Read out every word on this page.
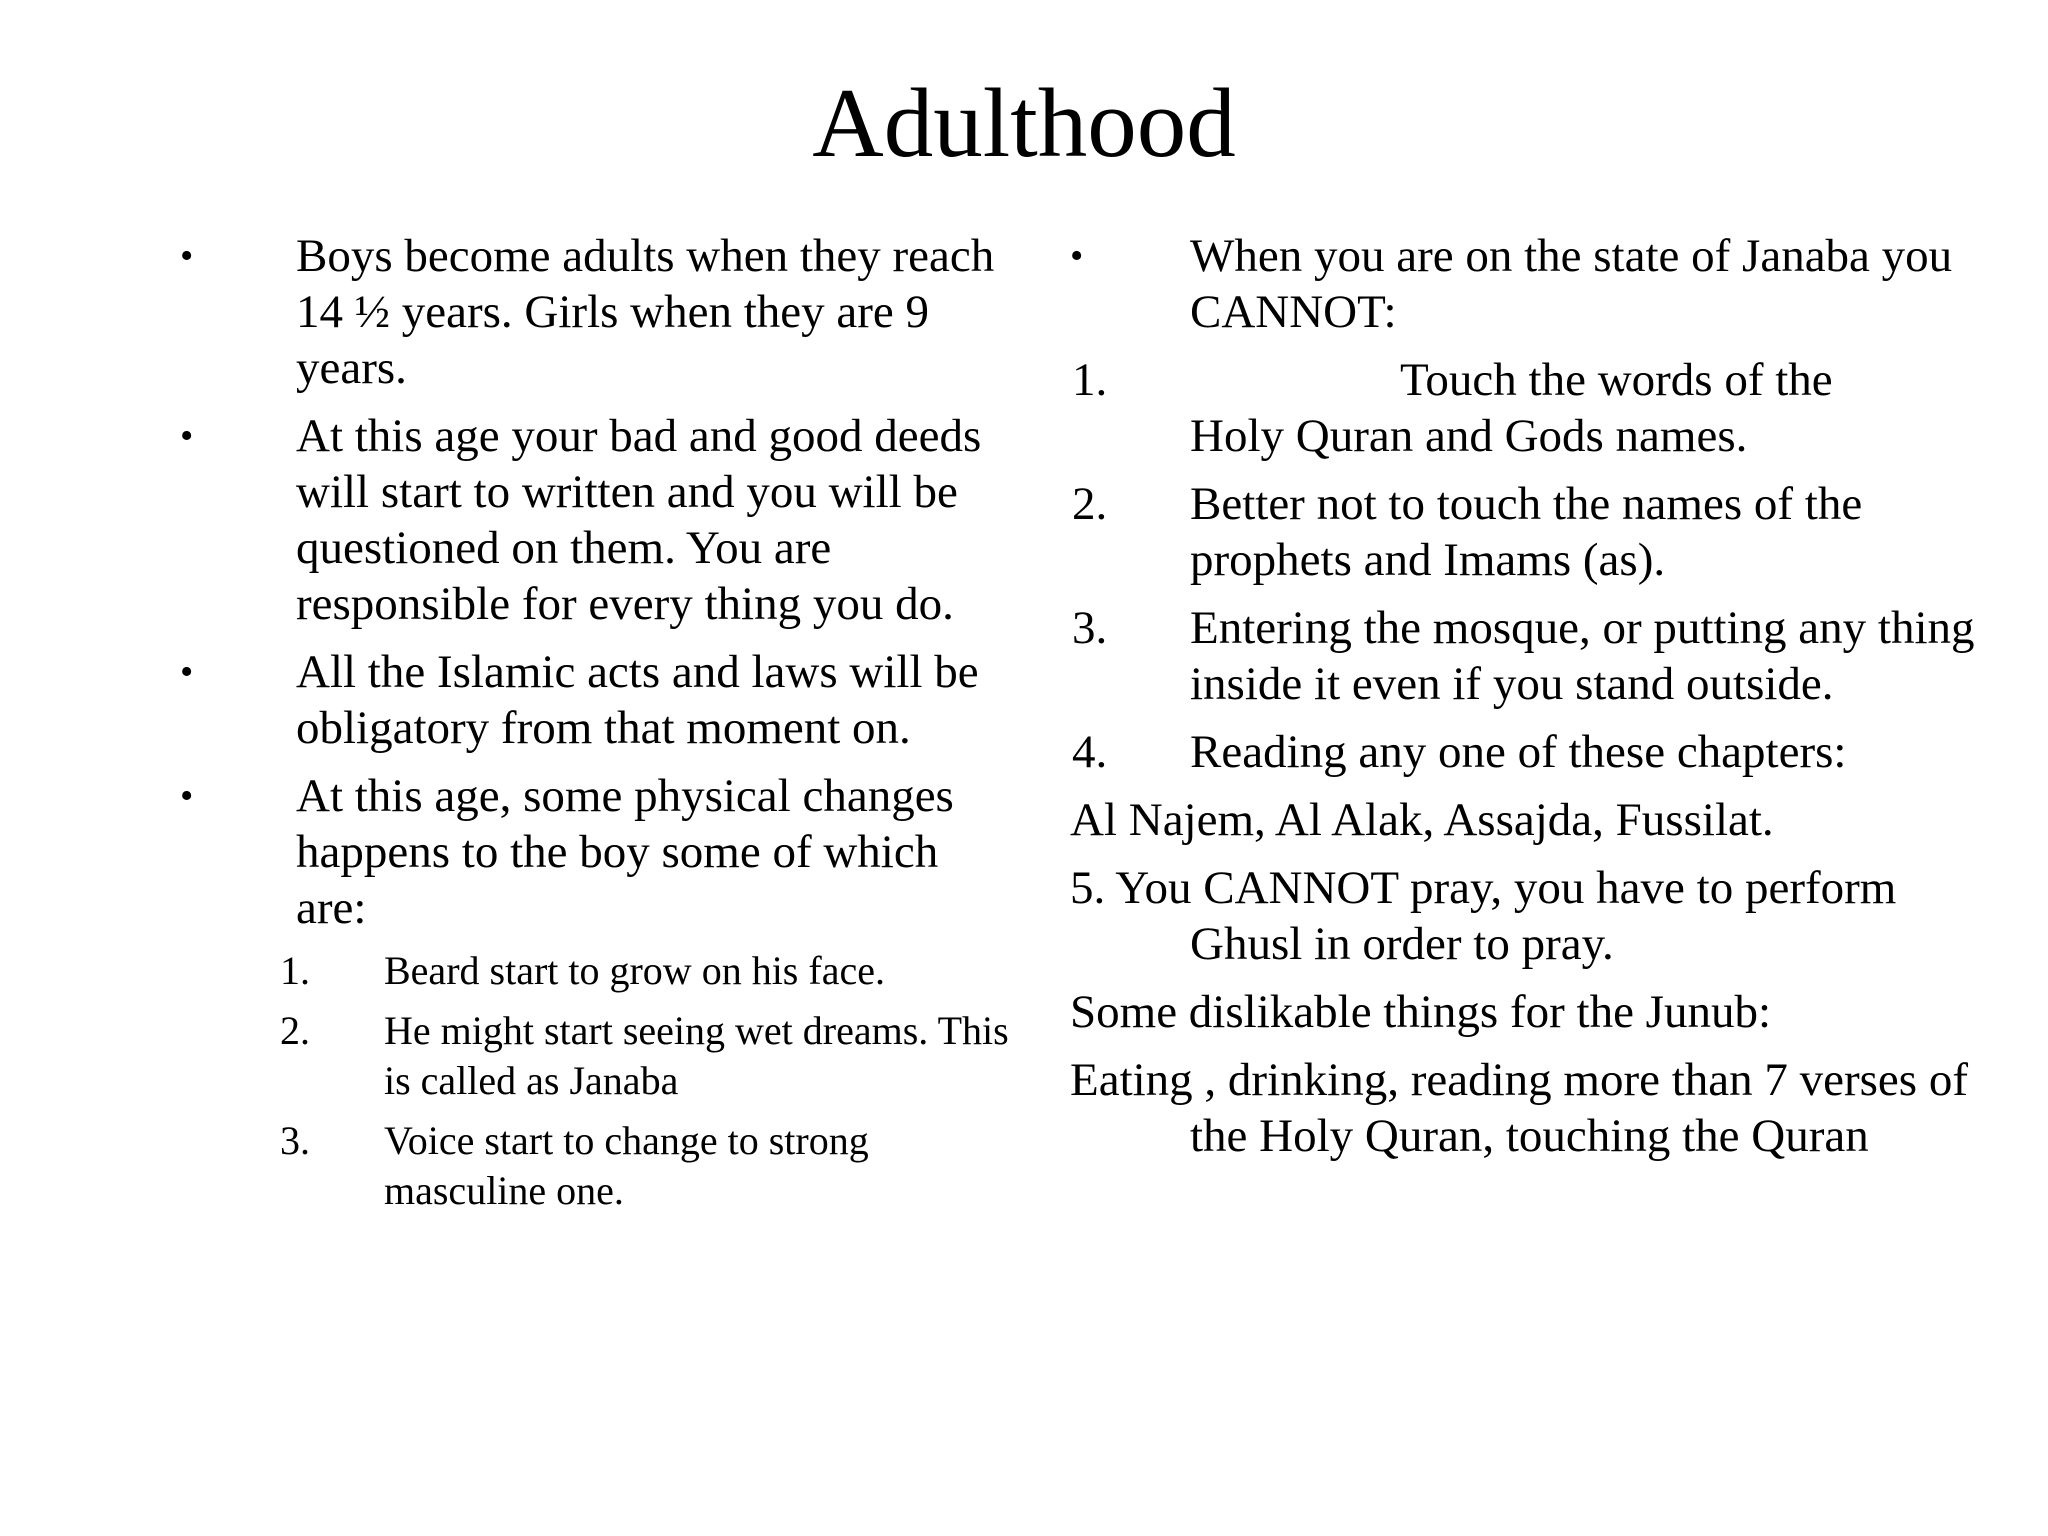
Adulthood
• Boys become adults when they reach 14 ½ years. Girls when they are 9 years.
• At this age your bad and good deeds will start to written and you will be questioned on them. You are responsible for every thing you do.
• All the Islamic acts and laws will be obligatory from that moment on.
• At this age, some physical changes happens to the boy some of which are:
1. Beard start to grow on his face.
2. He might start seeing wet dreams. This is called as Janaba
3. Voice start to change to strong masculine one.
• When you are on the state of Janaba you CANNOT:
1.	Touch the words of the
Holy Quran and Gods names.
2. Better not to touch the names of the prophets and Imams (as).
3. Entering the mosque, or putting any thing inside it even if you stand outside.
4. Reading any one of these chapters:
Al Najem, Al Alak, Assajda, Fussilat.
5. You CANNOT pray, you have to perform Ghusl in order to pray.
Some dislikable things for the Junub:
Eating , drinking, reading more than 7 verses of the Holy Quran, touching the Quran
